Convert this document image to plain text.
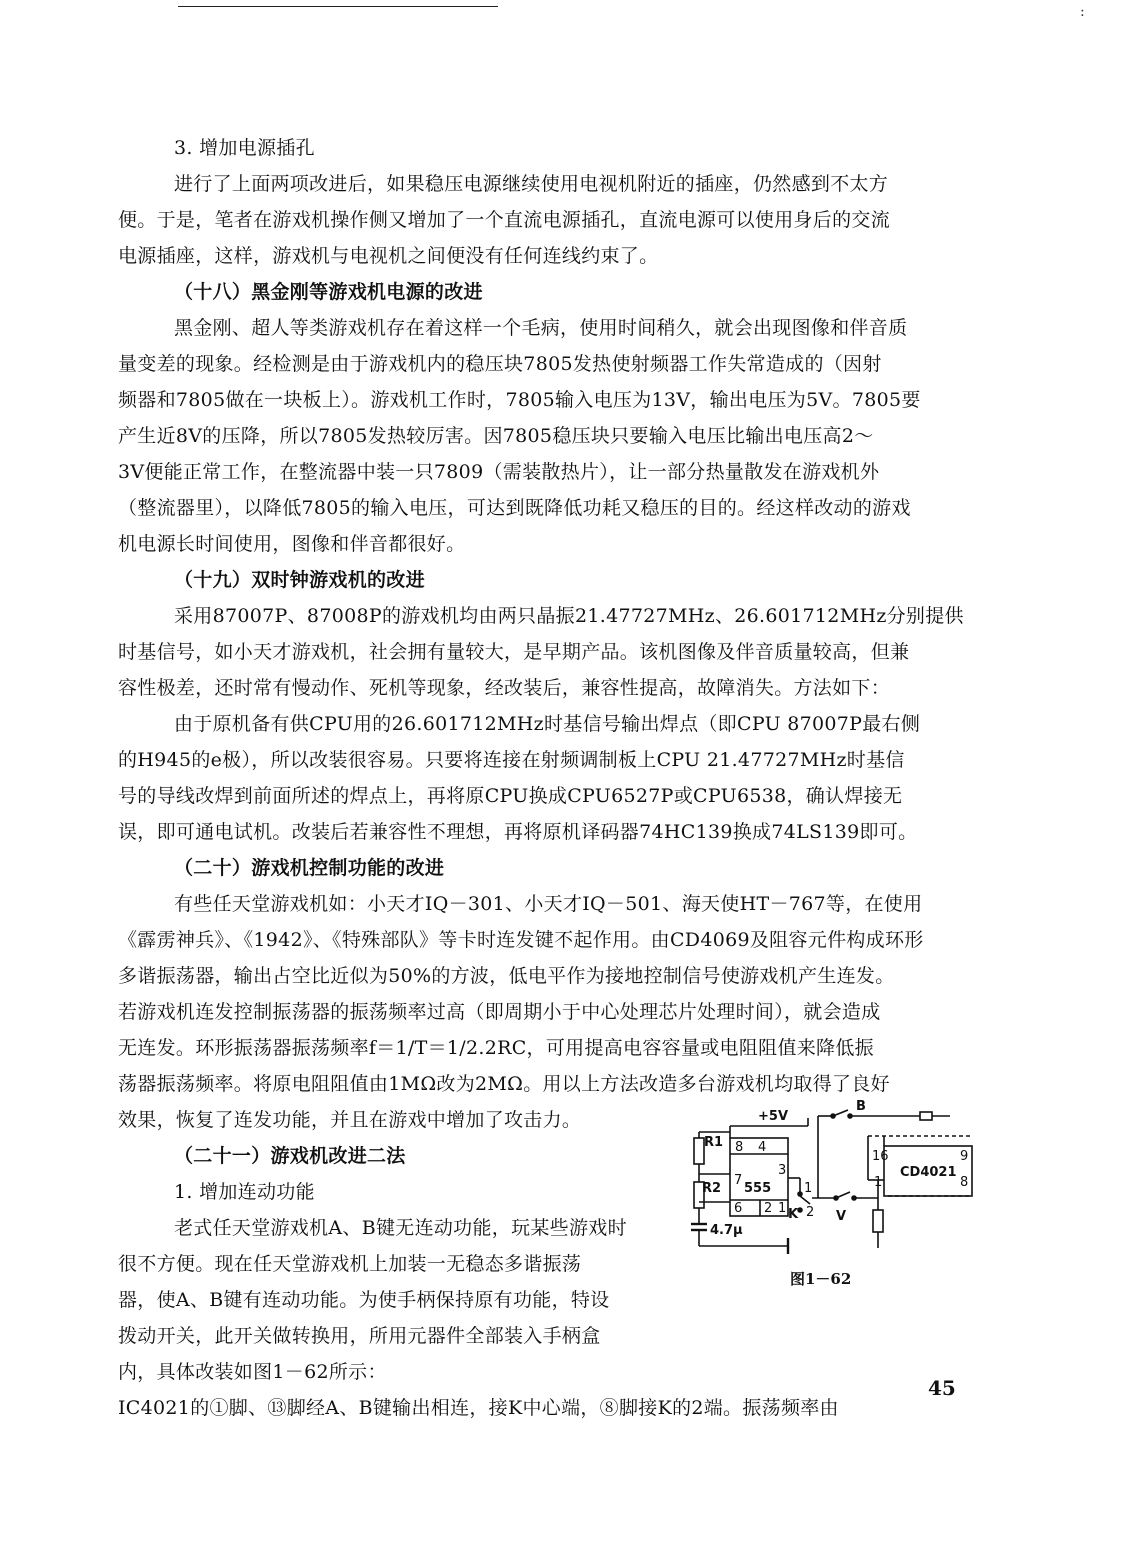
:
3. 增加电源插孔
进行了上面两项改进后，如果稳压电源继续使用电视机附近的插座，仍然感到不太方
便。于是，笔者在游戏机操作侧又增加了一个直流电源插孔，直流电源可以使用身后的交流
电源插座，这样，游戏机与电视机之间便没有任何连线约束了。
（十八）黑金刚等游戏机电源的改进
黑金刚、超人等类游戏机存在着这样一个毛病，使用时间稍久，就会出现图像和伴音质
量变差的现象。经检测是由于游戏机内的稳压块7805发热使射频器工作失常造成的（因射
频器和7805做在一块板上）。游戏机工作时，7805输入电压为13V，输出电压为5V。7805要
产生近8V的压降，所以7805发热较厉害。因7805稳压块只要输入电压比输出电压高2～
3V便能正常工作，在整流器中装一只7809（需装散热片），让一部分热量散发在游戏机外
（整流器里），以降低7805的输入电压，可达到既降低功耗又稳压的目的。经这样改动的游戏
机电源长时间使用，图像和伴音都很好。
（十九）双时钟游戏机的改进
采用87007P、87008P的游戏机均由两只晶振21.47727MHz、26.601712MHz分别提供
时基信号，如小天才游戏机，社会拥有量较大，是早期产品。该机图像及伴音质量较高，但兼
容性极差，还时常有慢动作、死机等现象，经改装后，兼容性提高，故障消失。方法如下：
由于原机备有供CPU用的26.601712MHz时基信号输出焊点（即CPU 87007P最右侧
的H945的e极），所以改装很容易。只要将连接在射频调制板上CPU 21.47727MHz时基信
号的导线改焊到前面所述的焊点上，再将原CPU换成CPU6527P或CPU6538，确认焊接无
误，即可通电试机。改装后若兼容性不理想，再将原机译码器74HC139换成74LS139即可。
（二十）游戏机控制功能的改进
有些任天堂游戏机如：小天才IQ－301、小天才IQ－501、海天使HT－767等，在使用
《霹雳神兵》、《1942》、《特殊部队》等卡时连发键不起作用。由CD4069及阻容元件构成环形
多谐振荡器，输出占空比近似为50%的方波，低电平作为接地控制信号使游戏机产生连发。
若游戏机连发控制振荡器的振荡频率过高（即周期小于中心处理芯片处理时间），就会造成
无连发。环形振荡器振荡频率f＝1/T＝1/2.2RC，可用提高电容容量或电阻阻值来降低振
荡器振荡频率。将原电阻阻值由1MΩ改为2MΩ。用以上方法改造多台游戏机均取得了良好
效果，恢复了连发功能，并且在游戏中增加了攻击力。
（二十一）游戏机改进二法
1. 增加连动功能
老式任天堂游戏机A、B键无连动功能，玩某些游戏时
很不方便。现在任天堂游戏机上加装一无稳态多谐振荡
器，使A、B键有连动功能。为使手柄保持原有功能，特设
拨动开关，此开关做转换用，所用元器件全部装入手柄盒
内，具体改装如图1－62所示：
IC4021的①脚、⑬脚经A、B键输出相连，接K中心端，⑧脚接K的2端。振荡频率由
+5V
B
R1
R2
4.7μ
8 4
7
3
6 2 1
555	1
2
K	V
16	9
1	8
CD4021
图1－62
45
